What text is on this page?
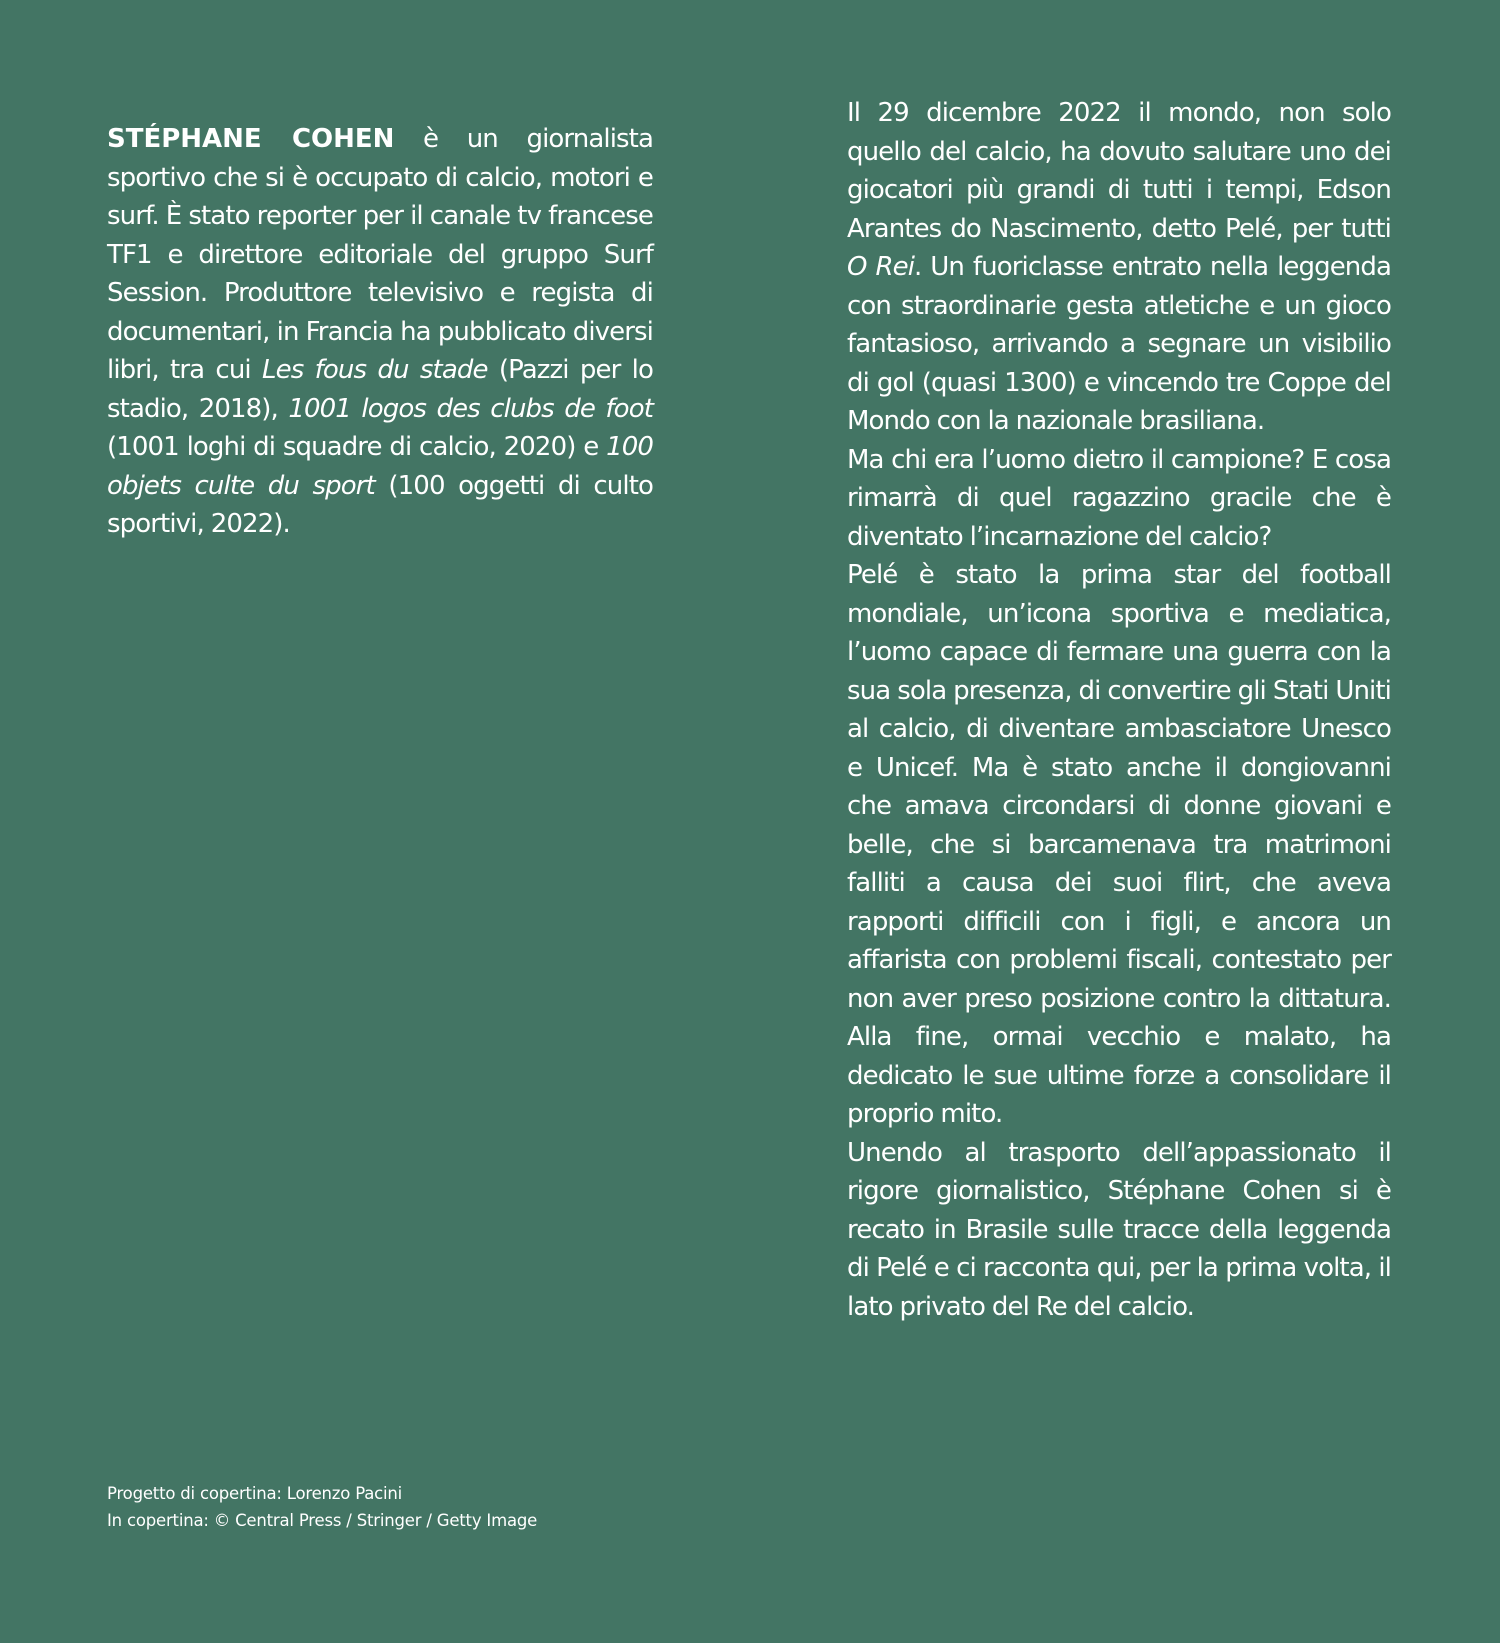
STÉPHANE COHEN è un giornalista sportivo che si è occupato di calcio, motori e surf. È stato reporter per il canale tv francese TF1 e direttore editoriale del gruppo Surf Session. Produttore televisivo e regista di documentari, in Francia ha pubblicato diversi libri, tra cui Les fous du stade (Pazzi per lo stadio, 2018), 1001 logos des clubs de foot (1001 loghi di squadre di calcio, 2020) e 100 objets culte du sport (100 oggetti di culto sportivi, 2022).

Il 29 dicembre 2022 il mondo, non solo quello del calcio, ha dovuto salutare uno dei giocatori più grandi di tutti i tempi, Edson Arantes do Nascimento, detto Pelé, per tutti O Rei. Un fuoriclasse entrato nella leggenda con straordinarie gesta atletiche e un gioco fantasioso, arrivando a segnare un visibilio di gol (quasi 1300) e vincendo tre Coppe del Mondo con la nazionale brasiliana.

Ma chi era l’uomo dietro il campione? E cosa rimarrà di quel ragazzino gracile che è diventato l’incarnazione del calcio?

Pelé è stato la prima star del football mondiale, un’icona sportiva e mediatica, l’uomo capace di fermare una guerra con la sua sola presenza, di convertire gli Stati Uniti al calcio, di diventare ambasciatore Unesco e Unicef. Ma è stato anche il dongiovanni che amava circondarsi di donne giovani e belle, che si barcamenava tra matrimoni falliti a causa dei suoi flirt, che aveva rapporti difficili con i figli, e ancora un affarista con problemi fiscali, contestato per non aver preso posizione contro la dittatura. Alla fine, ormai vecchio e malato, ha dedicato le sue ultime forze a consolidare il proprio mito.

Unendo al trasporto dell’appassionato il rigore giornalistico, Stéphane Cohen si è recato in Brasile sulle tracce della leggenda di Pelé e ci racconta qui, per la prima volta, il lato privato del Re del calcio.

Progetto di copertina: Lorenzo Pacini
In copertina: © Central Press / Stringer / Getty Image
